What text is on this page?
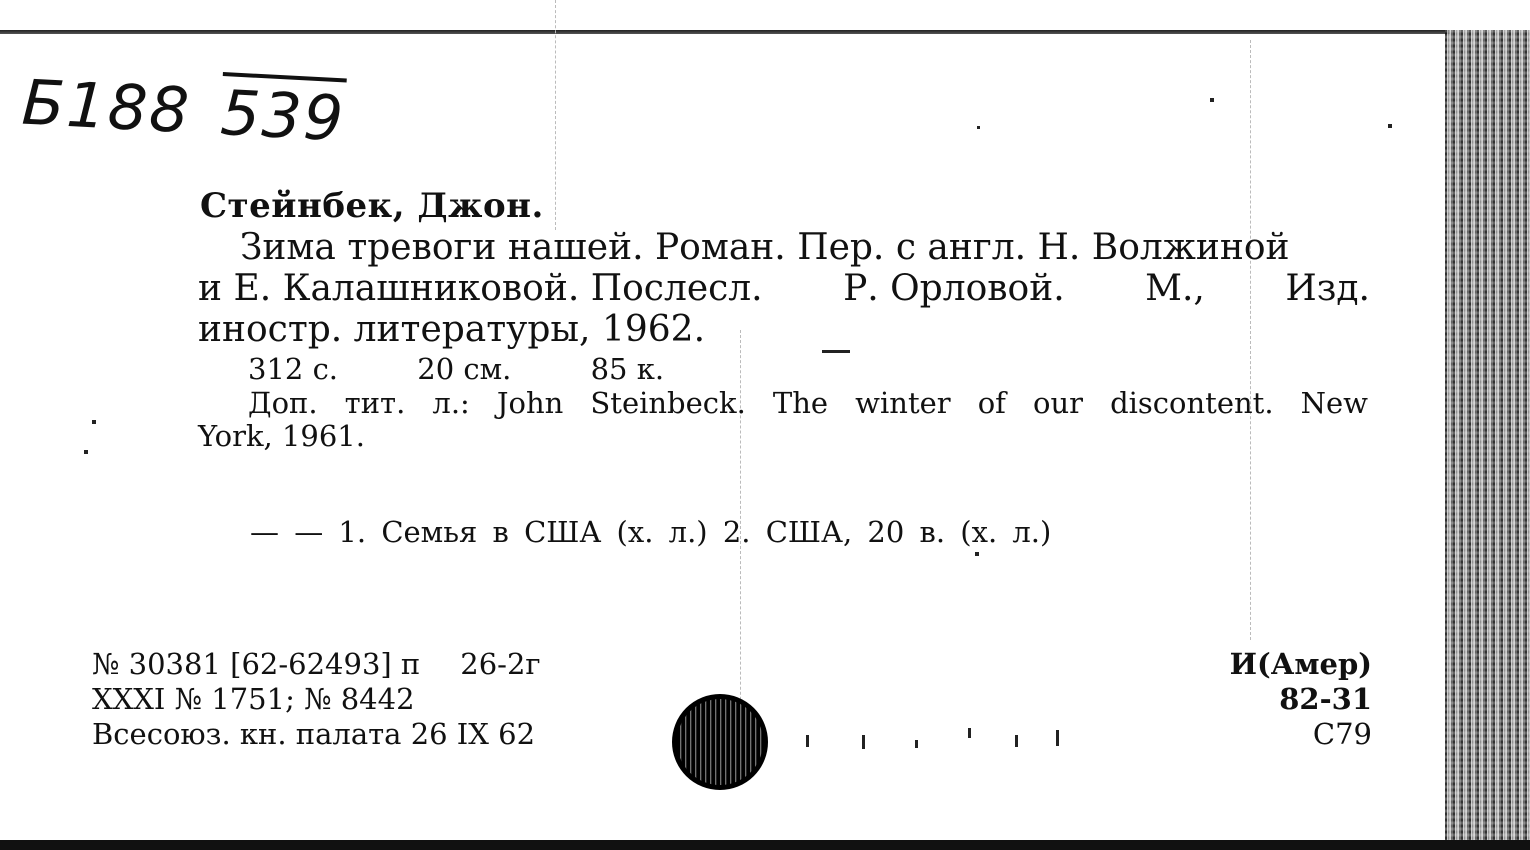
Б188 539
Стейнбек, Джон.
Зима тревоги нашей. Роман. Пер. с англ. Н. Волжиной
и Е. Калашниковой. Послесл. Р. Орловой. М., Изд.
иностр. литературы, 1962.
312 с.	20 см.	85 к.
Доп. тит. л.: John Steinbeck. The winter of our discontent. New
York, 1961.
— — 1. Семья в США (х. л.) 2. США, 20 в. (х. л.)
№ 30381 [62-62493] п 26-2г
XXXI № 1751; № 8442
Всесоюз. кн. палата 26 IX 62
И(Амер)
82-31
С79
